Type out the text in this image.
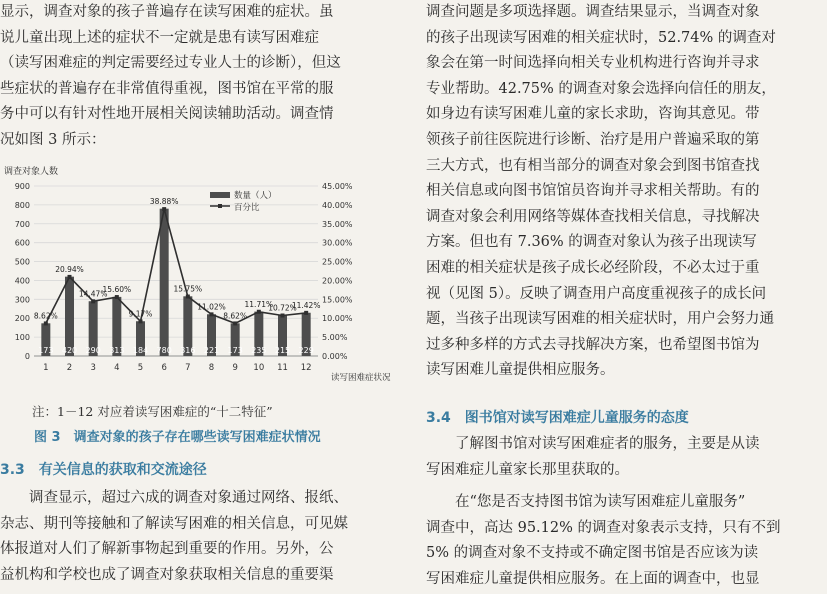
显示，调查对象的孩子普遍存在读写困难的症状。虽

说儿童出现上述的症状不一定就是患有读写困难症

（读写困难症的判定需要经过专业人士的诊断），但这

些症状的普遍存在非常值得重视，图书馆在平常的服

务中可以有针对性地开展相关阅读辅助活动。调查情

况如图 3 所示：

调查对象人数
0
100
200
300
400
500
600
700
800
900
0.00%
5.00%
10.00%
15.00%
20.00%
25.00%
30.00%
35.00%
40.00%
45.00%
173 420 290 313 184 780 316 221 173 235 215 229
8.62%
20.94%
14.47%
15.60%
9.17%
38.88%
15.75%
11.02%
8.62%
11.71%
10.72%
11.42%
1 2 3 4 5 6 7 8 9 10 11 12
读写困难症状况
数量（人）
百分比

注：1－12 对应着读写困难症的“十二特征”

图 3　调查对象的孩子存在哪些读写困难症状情况

3.3　有关信息的获取和交流途径

调查显示，超过六成的调查对象通过网络、报纸、

杂志、期刊等接触和了解读写困难的相关信息，可见媒

体报道对人们了解新事物起到重要的作用。另外，公

益机构和学校也成了调查对象获取相关信息的重要渠

调查问题是多项选择题。调查结果显示，当调查对象

的孩子出现读写困难的相关症状时，52.74% 的调查对

象会在第一时间选择向相关专业机构进行咨询并寻求

专业帮助。42.75% 的调查对象会选择向信任的朋友，

如身边有读写困难儿童的家长求助，咨询其意见。带

领孩子前往医院进行诊断、治疗是用户普遍采取的第

三大方式，也有相当部分的调查对象会到图书馆查找

相关信息或向图书馆馆员咨询并寻求相关帮助。有的

调查对象会利用网络等媒体查找相关信息，寻找解决

方案。但也有 7.36% 的调查对象认为孩子出现读写

困难的相关症状是孩子成长必经阶段，不必太过于重

视（见图 5）。反映了调查用户高度重视孩子的成长问

题，当孩子出现读写困难的相关症状时，用户会努力通

过多种多样的方式去寻找解决方案，也希望图书馆为

读写困难儿童提供相应服务。

3.4　图书馆对读写困难症儿童服务的态度

了解图书馆对读写困难症者的服务，主要是从读

写困难症儿童家长那里获取的。

在“您是否支持图书馆为读写困难症儿童服务”

调查中，高达 95.12% 的调查对象表示支持，只有不到

5% 的调查对象不支持或不确定图书馆是否应该为读

写困难症儿童提供相应服务。在上面的调查中，也显
